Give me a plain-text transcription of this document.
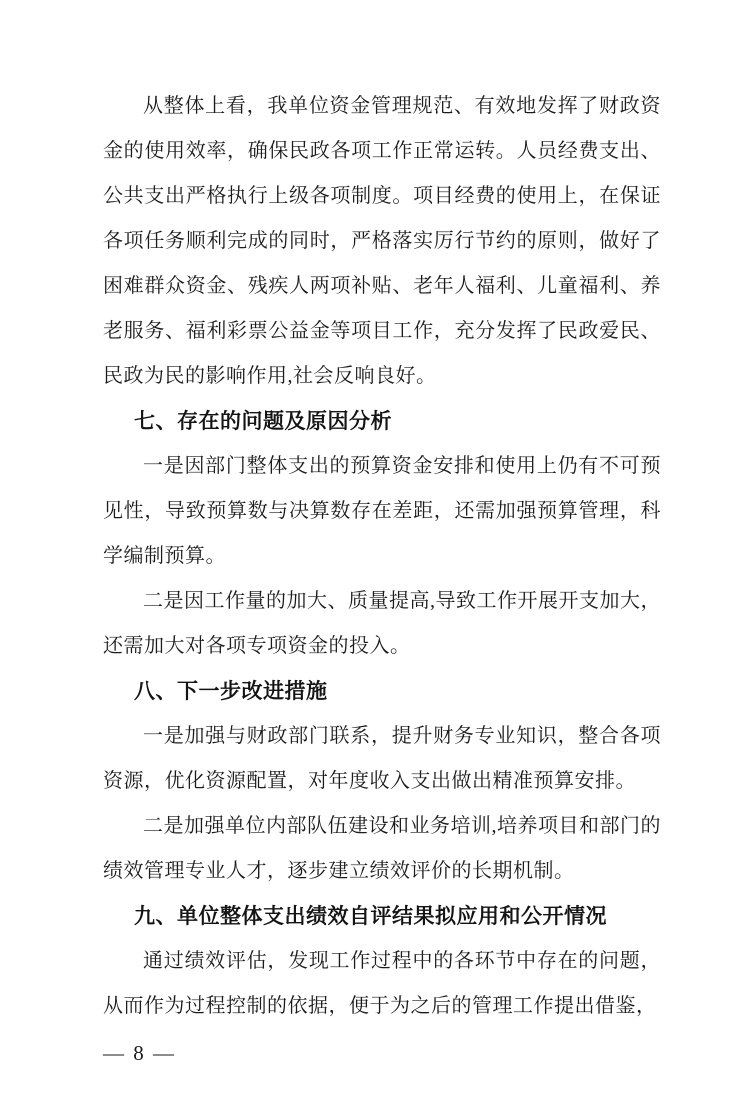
从整体上看，我单位资金管理规范、有效地发挥了财政资金的使用效率，确保民政各项工作正常运转。人员经费支出、公共支出严格执行上级各项制度。项目经费的使用上，在保证各项任务顺利完成的同时，严格落实厉行节约的原则，做好了困难群众资金、残疾人两项补贴、老年人福利、儿童福利、养老服务、福利彩票公益金等项目工作，充分发挥了民政爱民、民政为民的影响作用,社会反响良好。

七、存在的问题及原因分析

一是因部门整体支出的预算资金安排和使用上仍有不可预见性，导致预算数与决算数存在差距，还需加强预算管理，科学编制预算。

二是因工作量的加大、质量提高,导致工作开展开支加大，还需加大对各项专项资金的投入。

八、下一步改进措施

一是加强与财政部门联系，提升财务专业知识，整合各项资源，优化资源配置，对年度收入支出做出精准预算安排。

二是加强单位内部队伍建设和业务培训,培养项目和部门的绩效管理专业人才，逐步建立绩效评价的长期机制。

九、单位整体支出绩效自评结果拟应用和公开情况

通过绩效评估，发现工作过程中的各环节中存在的问题，从而作为过程控制的依据，便于为之后的管理工作提出借鉴，

— 8 —
